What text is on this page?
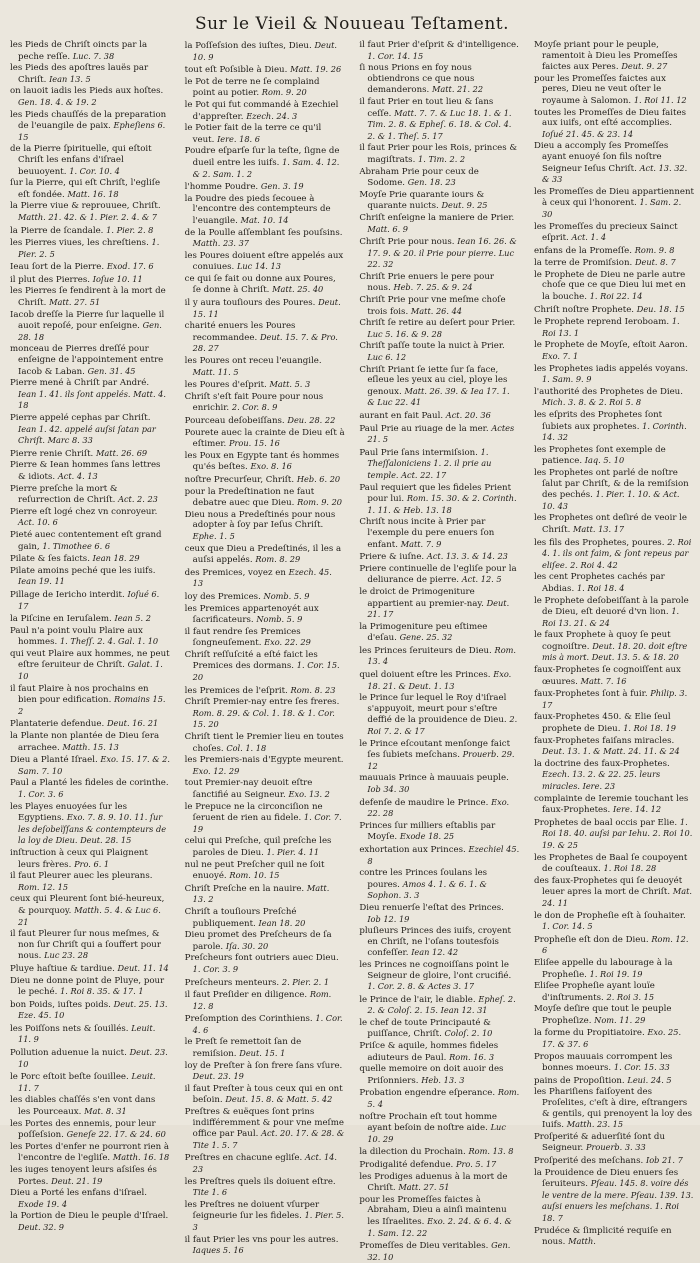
Sur le Vieil & Nouueau Teſtament.
les Pieds de Chriſt oincts par la peche reſſe. Luc. 7. 38
les Pieds des apoſtres lauës par Chriſt. Iean 13. 5
on lauoit iadis les Pieds aux hoſtes. Gen. 18. 4. & 19. 2
les Pieds chauſſés de la preparation de l'euangile de paix. Epheſiens 6. 15
de la Pierre ſpirituelle, qui eſtoit Chriſt les enfans d'iſrael beuuoyent. 1. Cor. 10. 4
ſur la Pierre, qui eſt Chriſt, l'egliſe eſt fondée. Matt. 16. 18
la Pierre viue & reprouuee, Chriſt. Matth. 21. 42. & 1. Pier. 2. 4. & 7
la Pierre de ſcandale. 1. Pier. 2. 8
les Pierres viues, les chreſtiens. 1. Pier. 2. 5
Ieau ſort de la Pierre. Exod. 17. 6
il plut des Pierres. Ioſue 10. 11
les Pierres ſe fendirent à la mort de Chriſt. Matt. 27. 51
Iacob dreſſe la Pierre ſur laquelle il auoit repoſé, pour enſeigne. Gen. 28. 18
monceau de Pierres dreſſé pour enſeigne de l'appointement entre Iacob & Laban. Gen. 31. 45
Pierre mené à Chriſt par André. Iean 1. 41. ils ſont appelés. Matt. 4. 18
Pierre appelé cephas par Chriſt. Iean 1. 42. appelé auſsi ſatan par Chriſt. Marc 8. 33
Pierre renie Chriſt. Matt. 26. 69
Pierre & Iean hommes ſans lettres & idiots. Act. 4. 13
Pierre preſche la mort & reſurrection de Chriſt. Act. 2. 23
Pierre eſt logé chez vn conroyeur. Act. 10. 6
Pieté auec contentement eſt grand gain, 1. Timothee 6. 6
Pilate & ſes faicts. Iean 18. 29
Pilate amoins peché que les iuifs. Iean 19. 11
Pillage de Iericho interdit. Ioſué 6. 17
la Piſcine en Ieruſalem. Iean 5. 2
Paul n'a point voulu Plaire aux hommes. 1. Theſſ. 2. 4. Gal. 1. 10
qui veut Plaire aux hommes, ne peut eſtre ſeruiteur de Chriſt. Galat. 1. 10
il faut Plaire à nos prochains en bien pour edification. Romains 15. 2
Plantaterie defendue. Deut. 16. 21
la Plante non plantée de Dieu ſera arrachee. Matth. 15. 13
Dieu a Planté Iſrael. Exo. 15. 17. & 2. Sam. 7. 10
Paul a Planté les fideles de corinthe. 1. Cor. 3. 6
les Playes enuoyées ſur les Egyptiens. Exo. 7. 8. 9. 10. 11. ſur les deſobeïſſans & contempteurs de la loy de Dieu. Deut. 28. 15
inſtruction à ceux qui Plaignent leurs frères. Pro. 6. 1
il faut Pleurer auec les pleurans. Rom. 12. 15
ceux qui Pleurent ſont bié-heureux, & pourquoy. Matth. 5. 4. & Luc 6. 21
il faut Pleurer ſur nous meſmes, & non ſur Chriſt qui a ſouffert pour nous. Luc 23. 28
Pluye haſtiue & tardiue. Deut. 11. 14
Dieu ne donne point de Pluye, pour le peché. 1. Roi 8. 35. & 17. 1
bon Poids, iuſtes poids. Deut. 25. 13. Eze. 45. 10
les Poiſſons nets & ſouillés. Leuit. 11. 9
Pollution aduenue la nuict. Deut. 23. 10
le Porc eſtoit beſte ſouillee. Leuit. 11. 7
les diables chaſſés s'en vont dans les Pourceaux. Mat. 8. 31
les Portes des ennemis, pour leur poſſeſsion. Geneſe 22. 17. & 24. 60
les Portes d'enfer ne pourront rien à l'encontre de l'egliſe. Matth. 16. 18
les iuges tenoyent leurs aſsiſes és Portes. Deut. 21. 19
Dieu a Porté les enfans d'iſrael. Exode 19. 4
la Portion de Dieu le peuple d'Iſrael. Deut. 32. 9
la Poſſeſsion des iuſtes, Dieu. Deut. 10. 9
tout eſt Poſsible à Dieu. Matt. 19. 26
le Pot de terre ne ſe complaind point au potier. Rom. 9. 20
le Pot qui fut commandé à Ezechiel d'appreſter. Ezech. 24. 3
le Potier fait de la terre ce qu'il veut. Iere. 18. 6
Poudre eſparſe ſur la teſte, ſigne de dueil entre les iuifs. 1. Sam. 4. 12. & 2. Sam. 1. 2
l'homme Poudre. Gen. 3. 19
la Poudre des pieds ſecouee à l'encontre des contempteurs de l'euangile. Mat. 10. 14
de la Poulle aſſemblant ſes pouſsins. Matth. 23. 37
les Poures doiuent eſtre appelés aux conuiues. Luc 14. 13
ce qui ſe fait ou donne aux Poures, ſe donne à Chriſt. Matt. 25. 40
il y aura touſiours des Poures. Deut. 15. 11
charité enuers les Poures recommandee. Deut. 15. 7. & Pro. 28. 27
les Poures ont receu l'euangile. Matt. 11. 5
les Poures d'eſprit. Matt. 5. 3
Chriſt s'eſt fait Poure pour nous enrichir. 2. Cor. 8. 9
Pourceau deſobeiſſans. Deu. 28. 22
Pourete auec la crainte de Dieu eſt à eſtimer. Prou. 15. 16
les Poux en Egypte tant és hommes qu'és beſtes. Exo. 8. 16
noſtre Precurſeur, Chriſt. Heb. 6. 20
pour la Predeſtination ne faut debatre auec que Dieu. Rom. 9. 20
Dieu nous a Predeſtinés pour nous adopter à ſoy par Ieſus Chriſt. Ephe. 1. 5
ceux que Dieu a Predeſtinés, il les a auſsi appelés. Rom. 8. 29
des Premices, voyez en Ezech. 45. 13
loy des Premices. Nomb. 5. 9
les Premices appartenoyét aux ſacrificateurs. Nomb. 5. 9
il faut rendre ſes Premices ſongneuſement. Exo. 22. 29
Chriſt reſſuſcité a eſté faict les Premices des dormans. 1. Cor. 15. 20
les Premices de l'eſprit. Rom. 8. 23
Chriſt Premier-nay entre ſes freres. Rom. 8. 29. & Col. 1. 18. & 1. Cor. 15. 20
Chriſt tient le Premier lieu en toutes choſes. Col. 1. 18
les Premiers-nais d'Egypte meurent. Exo. 12. 29
tout Premier-nay deuoit eſtre ſanctifié au Seigneur. Exo. 13. 2
le Prepuce ne la circonciſion ne ſeruent de rien au fidele. 1. Cor. 7. 19
celui qui Preſche, quil preſche les paroles de Dieu. 1. Pier. 4. 11
nul ne peut Preſcher quil ne ſoit enuoyé. Rom. 10. 15
Chriſt Preſche en la nauire. Matt. 13. 2
Chriſt a touſiours Preſché publiquement. Iean 18. 20
Dieu promet des Preſcheurs de ſa parole. Iſa. 30. 20
Preſcheurs font outriers auec Dieu. 1. Cor. 3. 9
Preſcheurs menteurs. 2. Pier. 2. 1
il faut Preſider en diligence. Rom. 12. 8
Preſomption des Corinthiens. 1. Cor. 4. 6
le Preſt ſe remettoit ſan de remiſsion. Deut. 15. 1
loy de Preſter à ſon frere ſans vſure. Deut. 23. 19
il faut Preſter à tous ceux qui en ont beſoin. Deut. 15. 8. & Matt. 5. 42
Preſtres & euëques ſont prins indifféremment & pour vne meſme office par Paul. Act. 20. 17. & 28. & Tite 1. 5. 7
Preſtres en chacune egliſe. Act. 14. 23
les Preſtres quels ils doiuent eſtre. Tite 1. 6
les Preſtres ne doiuent vſurper ſeigneurie ſur les fideles. 1. Pier. 5. 3
il faut Prier les vns pour les autres. Iaques 5. 16
il faut Prier d'eſprit & d'intelligence. 1. Cor. 14. 15
ſi nous Prions en foy nous obtiendrons ce que nous demanderons. Matt. 21. 22
il faut Prier en tout lieu & ſans ceſſe. Matt. 7. 7. & Luc 18. 1. & 1. Tim. 2. 8. & Epheſ. 6. 18. & Col. 4. 2. & 1. Theſ. 5. 17
il faut Prier pour les Rois, princes & magiſtrats. 1. Tim. 2. 2
Abraham Prie pour ceux de Sodome. Gen. 18. 23
Moyſe Prie quarante iours & quarante nuicts. Deut. 9. 25
Chriſt enſeigne la maniere de Prier. Matt. 6. 9
Chriſt Prie pour nous. Iean 16. 26. & 17. 9. & 20. il Prie pour pierre. Luc 22. 32
Chriſt Prie enuers le pere pour nous. Heb. 7. 25. & 9. 24
Chriſt Prie pour vne meſme choſe trois fois. Matt. 26. 44
Chriſt ſe retire au deſert pour Prier. Luc 5. 16. & 9. 28
Chriſt paſſe toute la nuict à Prier. Luc 6. 12
Chriſt Priant ſe iette ſur ſa face, eſleue les yeux au ciel, ploye les genoux. Matt. 26. 39. & Iea 17. 1. & Luc 22. 41
aurant en fait Paul. Act. 20. 36
Paul Prie au riuage de la mer. Actes 21. 5
Paul Prie ſans intermiſsion. 1. Theſſaloniciens 1. 2. il prie au temple. Act. 22. 17
Paul requiert que les fideles Prient pour lui. Rom. 15. 30. & 2. Corinth. 1. 11. & Heb. 13. 18
Chriſt nous incite à Prier par l'exemple du pere enuers ſon enfant. Matt. 7. 9
Priere & iuſne. Act. 13. 3. & 14. 23
Priere continuelle de l'egliſe pour la deliurance de pierre. Act. 12. 5
le droict de Primogeniture appartient au premier-nay. Deut. 21. 17
la Primogeniture peu eſtimee d'eſau. Gene. 25. 32
les Princes ſeruiteurs de Dieu. Rom. 13. 4
quel doiuent eſtre les Princes. Exo. 18. 21. & Deut. 1. 13
le Prince ſur lequel le Roy d'iſrael s'appuyoit, meurt pour s'eſtre deffié de la prouidence de Dieu. 2. Roi 7. 2. & 17
le Prince eſcoutant menſonge faict ſes ſubiets meſchans. Prouerb. 29. 12
mauuais Prince à mauuais peuple. Iob 34. 30
defenſe de maudire le Prince. Exo. 22. 28
Princes ſur milliers eſtablis par Moyſe. Exode 18. 25
exhortation aux Princes. Ezechiel 45. 8
contre les Princes ſoulans les poures. Amos 4. 1. & 6. 1. & Sophon. 3. 3
Dieu renuerſe l'eſtat des Princes. Iob 12. 19
pluſieurs Princes des iuifs, croyent en Chriſt, ne l'oſans toutesfois confeſſer. Iean 12. 42
les Princes ne cognoiſſans point le Seigneur de gloire, l'ont crucifié. 1. Cor. 2. 8. & Actes 3. 17
le Prince de l'air, le diable. Epheſ. 2. 2. & Coloſ. 2. 15. Iean 12. 31
le chef de toute Principauté & puiſſance, Chriſt. Coloſ. 2. 10
Priſce & aquile, hommes fideles adiuteurs de Paul. Rom. 16. 3
quelle memoire on doit auoir des Priſonniers. Heb. 13. 3
Probation engendre eſperance. Rom. 5. 4
noſtre Prochain eſt tout homme ayant beſoin de noſtre aide. Luc 10. 29
la dilection du Prochain. Rom. 13. 8
Prodigalité defendue. Pro. 5. 17
les Prodiges aduenus à la mort de Chriſt. Matt. 27. 51
pour les Promeſſes faictes à Abraham, Dieu a ainſi maintenu les Iſraelites. Exo. 2. 24. & 6. 4. & 1. Sam. 12. 22
Promeſſes de Dieu veritables. Gen. 32. 10
Moyſe priant pour le peuple, ramentoit à Dieu les Promeſſes faictes aux Peres. Deut. 9. 27
pour les Promeſſes faictes aux peres, Dieu ne veut oſter le royaume à Salomon. 1. Roi 11. 12
toutes les Promeſſes de Dieu faites aux iuifs, ont eſté accomplies. Ioſué 21. 45. & 23. 14
Dieu a accomply ſes Promeſſes ayant enuoyé ſon fils noſtre Seigneur Ieſus Chriſt. Act. 13. 32. & 33
les Promeſſes de Dieu appartiennent à ceux qui l'honorent. 1. Sam. 2. 30
les Promeſſes du precieux Sainct eſprit. Act. 1. 4
enfans de la Promeſſe. Rom. 9. 8
la terre de Promiſsion. Deut. 8. 7
le Prophete de Dieu ne parle autre choſe que ce que Dieu lui met en la bouche. 1. Roi 22. 14
Chriſt noſtre Prophete. Deu. 18. 15
le Prophete reprend Ieroboam. 1. Roi 13. 1
le Prophete de Moyſe, eſtoit Aaron. Exo. 7. 1
les Prophetes iadis appelés voyans. 1. Sam. 9. 9
l'authorité des Prophetes de Dieu. Mich. 3. 8. & 2. Roi 5. 8
les eſprits des Prophetes ſont ſubiets aux prophetes. 1. Corinth. 14. 32
les Prophetes ſont exemple de patience. Iaq. 5. 10
les Prophetes ont parlé de noſtre ſalut par Chriſt, & de la remiſsion des pechés. 1. Pier. 1. 10. & Act. 10. 43
les Prophetes ont deſiré de veoir le Chriſt. Matt. 13. 17
les fils des Prophetes, poures. 2. Roi 4. 1. ils ont faim, & ſont repeus par eliſee. 2. Roi 4. 42
les cent Prophetes cachés par Abdias. 1. Roi 18. 4
le Prophete deſobeiſſant à la parole de Dieu, eſt deuoré d'vn lion. 1. Roi 13. 21. & 24
le faux Prophete à quoy ſe peut cognoiſtre. Deut. 18. 20. doit eſtre mis à mort. Deut. 13. 5. & 18. 20
faux-Prophetes ſe cognoiſſent aux œuures. Matt. 7. 16
faux-Prophetes ſont à fuir. Philip. 3. 17
faux-Prophetes 450. & Elie ſeul prophete de Dieu. 1. Roi 18. 19
faux-Prophetes faiſans miracles. Deut. 13. 1. & Matt. 24. 11. & 24
la doctrine des faux-Prophetes. Ezech. 13. 2. & 22. 25. leurs miracles. Iere. 23
complainte de Ieremie touchant les faux-Prophetes. Iere. 14. 12
Prophetes de baal occis par Elie. 1. Roi 18. 40. auſsi par Iehu. 2. Roi 10. 19. & 25
les Prophetes de Baal ſe coupoyent de couſteaux. 1. Roi 18. 28
des faux-Prophetes qui ſe deuoyét leuer apres la mort de Chriſt. Mat. 24. 11
le don de Propheſie eſt à ſouhaiter. 1. Cor. 14. 5
Propheſie eſt don de Dieu. Rom. 12. 6
Eliſee appelle du labourage à la Propheſie. 1. Roi 19. 19
Eliſee Propheſie ayant louïe d'inſtruments. 2. Roi 3. 15
Moyſe deſire que tout le peuple Propheſize. Nom. 11. 29
la forme du Propitiatoire. Exo. 25. 17. & 37. 6
Propos mauuais corrompent les bonnes moeurs. 1. Cor. 15. 33
pains de Propoſition. Leui. 24. 5
les Phariſiens faiſoyent des Proſelites, c'eſt à dire, eſtrangers & gentils, qui prenoyent la loy des Iuifs. Matth. 23. 15
Proſperité & aduerſité ſont du Seigneur. Prouerb. 3. 33
Proſperité des meſchans. Iob 21. 7
la Prouidence de Dieu enuers ſes ſeruiteurs. Pſeau. 145. 8. voire dés le ventre de la mere. Pſeau. 139. 13. auſsi enuers les meſchans. 1. Roi 18. 7
Prudéce & ſimplicité requiſe en nous. Matth.
